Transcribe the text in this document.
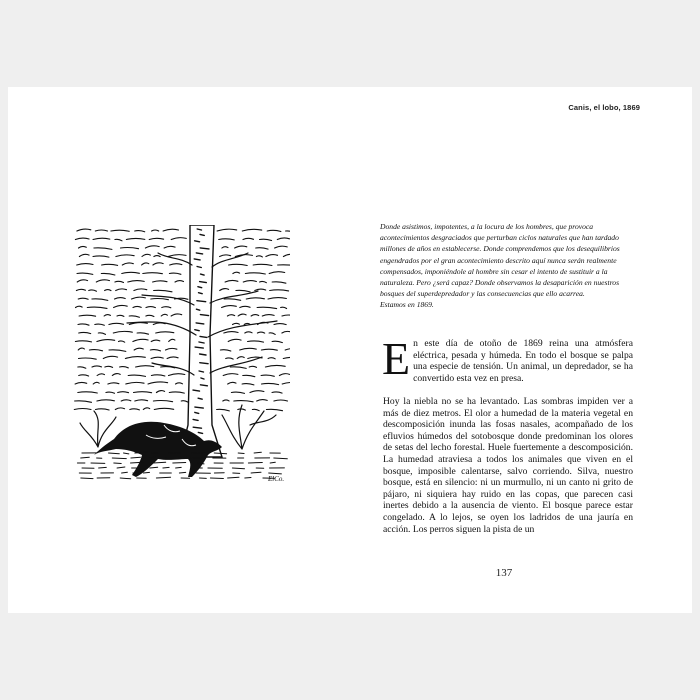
Canis, el lobo, 1869
ElCo.

Donde asistimos, impotentes, a la locura de los hombres, que provoca acontecimientos desgraciados que perturban ciclos naturales que han tardado millones de años en establecerse. Donde comprendemos que los desequilibrios engendrados por el gran acontecimiento descrito aquí nunca serán realmente compensados, imponiéndole al hombre sin cesar el intento de sustituir a la naturaleza. Pero ¿será capaz? Donde observamos la desaparición en nuestros bosques del superdepredador y las consecuencias que ello acarrea.

Estamos en 1869.

En este día de otoño de 1869 reina una atmósfera eléctrica, pesada y húmeda. En todo el bosque se palpa una especie de tensión. Un animal, un depredador, se ha convertido esta vez en presa.

Hoy la niebla no se ha levantado. Las sombras impiden ver a más de diez metros. El olor a humedad de la materia vegetal en descomposición inunda las fosas nasales, acompañado de los efluvios húmedos del sotobosque donde predominan los olores de setas del lecho forestal. Huele fuertemente a descomposición. La humedad atraviesa a todos los animales que viven en el bosque, imposible calentarse, salvo corriendo. Silva, nuestro bosque, está en silencio: ni un murmullo, ni un canto ni grito de pájaro, ni siquiera hay ruido en las copas, que parecen casi inertes debido a la ausencia de viento. El bosque parece estar congelado. A lo lejos, se oyen los ladridos de una jauría en acción. Los perros siguen la pista de un

137
